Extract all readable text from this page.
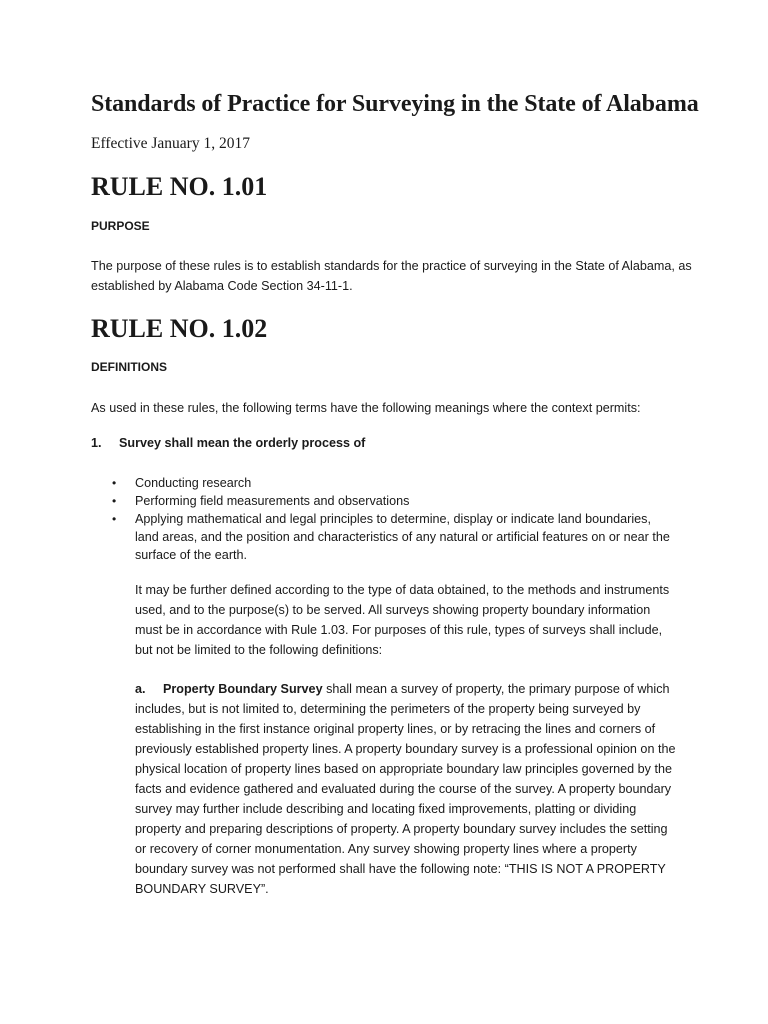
Standards of Practice for Surveying in the State of Alabama
Effective January 1, 2017
RULE NO. 1.01
PURPOSE

The purpose of these rules is to establish standards for the practice of surveying in the State of Alabama, as established by Alabama Code Section 34-11-1.

RULE NO. 1.02
DEFINITIONS

As used in these rules, the following terms have the following meanings where the context permits:

1. Survey shall mean the orderly process of
• Conducting research
• Performing field measurements and observations
• Applying mathematical and legal principles to determine, display or indicate land boundaries, land areas, and the position and characteristics of any natural or artificial features on or near the surface of the earth.

It may be further defined according to the type of data obtained, to the methods and instruments used, and to the purpose(s) to be served. All surveys showing property boundary information must be in accordance with Rule 1.03. For purposes of this rule, types of surveys shall include, but not be limited to the following definitions:

a. Property Boundary Survey shall mean a survey of property, the primary purpose of which includes, but is not limited to, determining the perimeters of the property being surveyed by establishing in the first instance original property lines, or by retracing the lines and corners of previously established property lines. A property boundary survey is a professional opinion on the physical location of property lines based on appropriate boundary law principles governed by the facts and evidence gathered and evaluated during the course of the survey. A property boundary survey may further include describing and locating fixed improvements, platting or dividing property and preparing descriptions of property. A property boundary survey includes the setting or recovery of corner monumentation. Any survey showing property lines where a property boundary survey was not performed shall have the following note: “THIS IS NOT A PROPERTY BOUNDARY SURVEY”.
